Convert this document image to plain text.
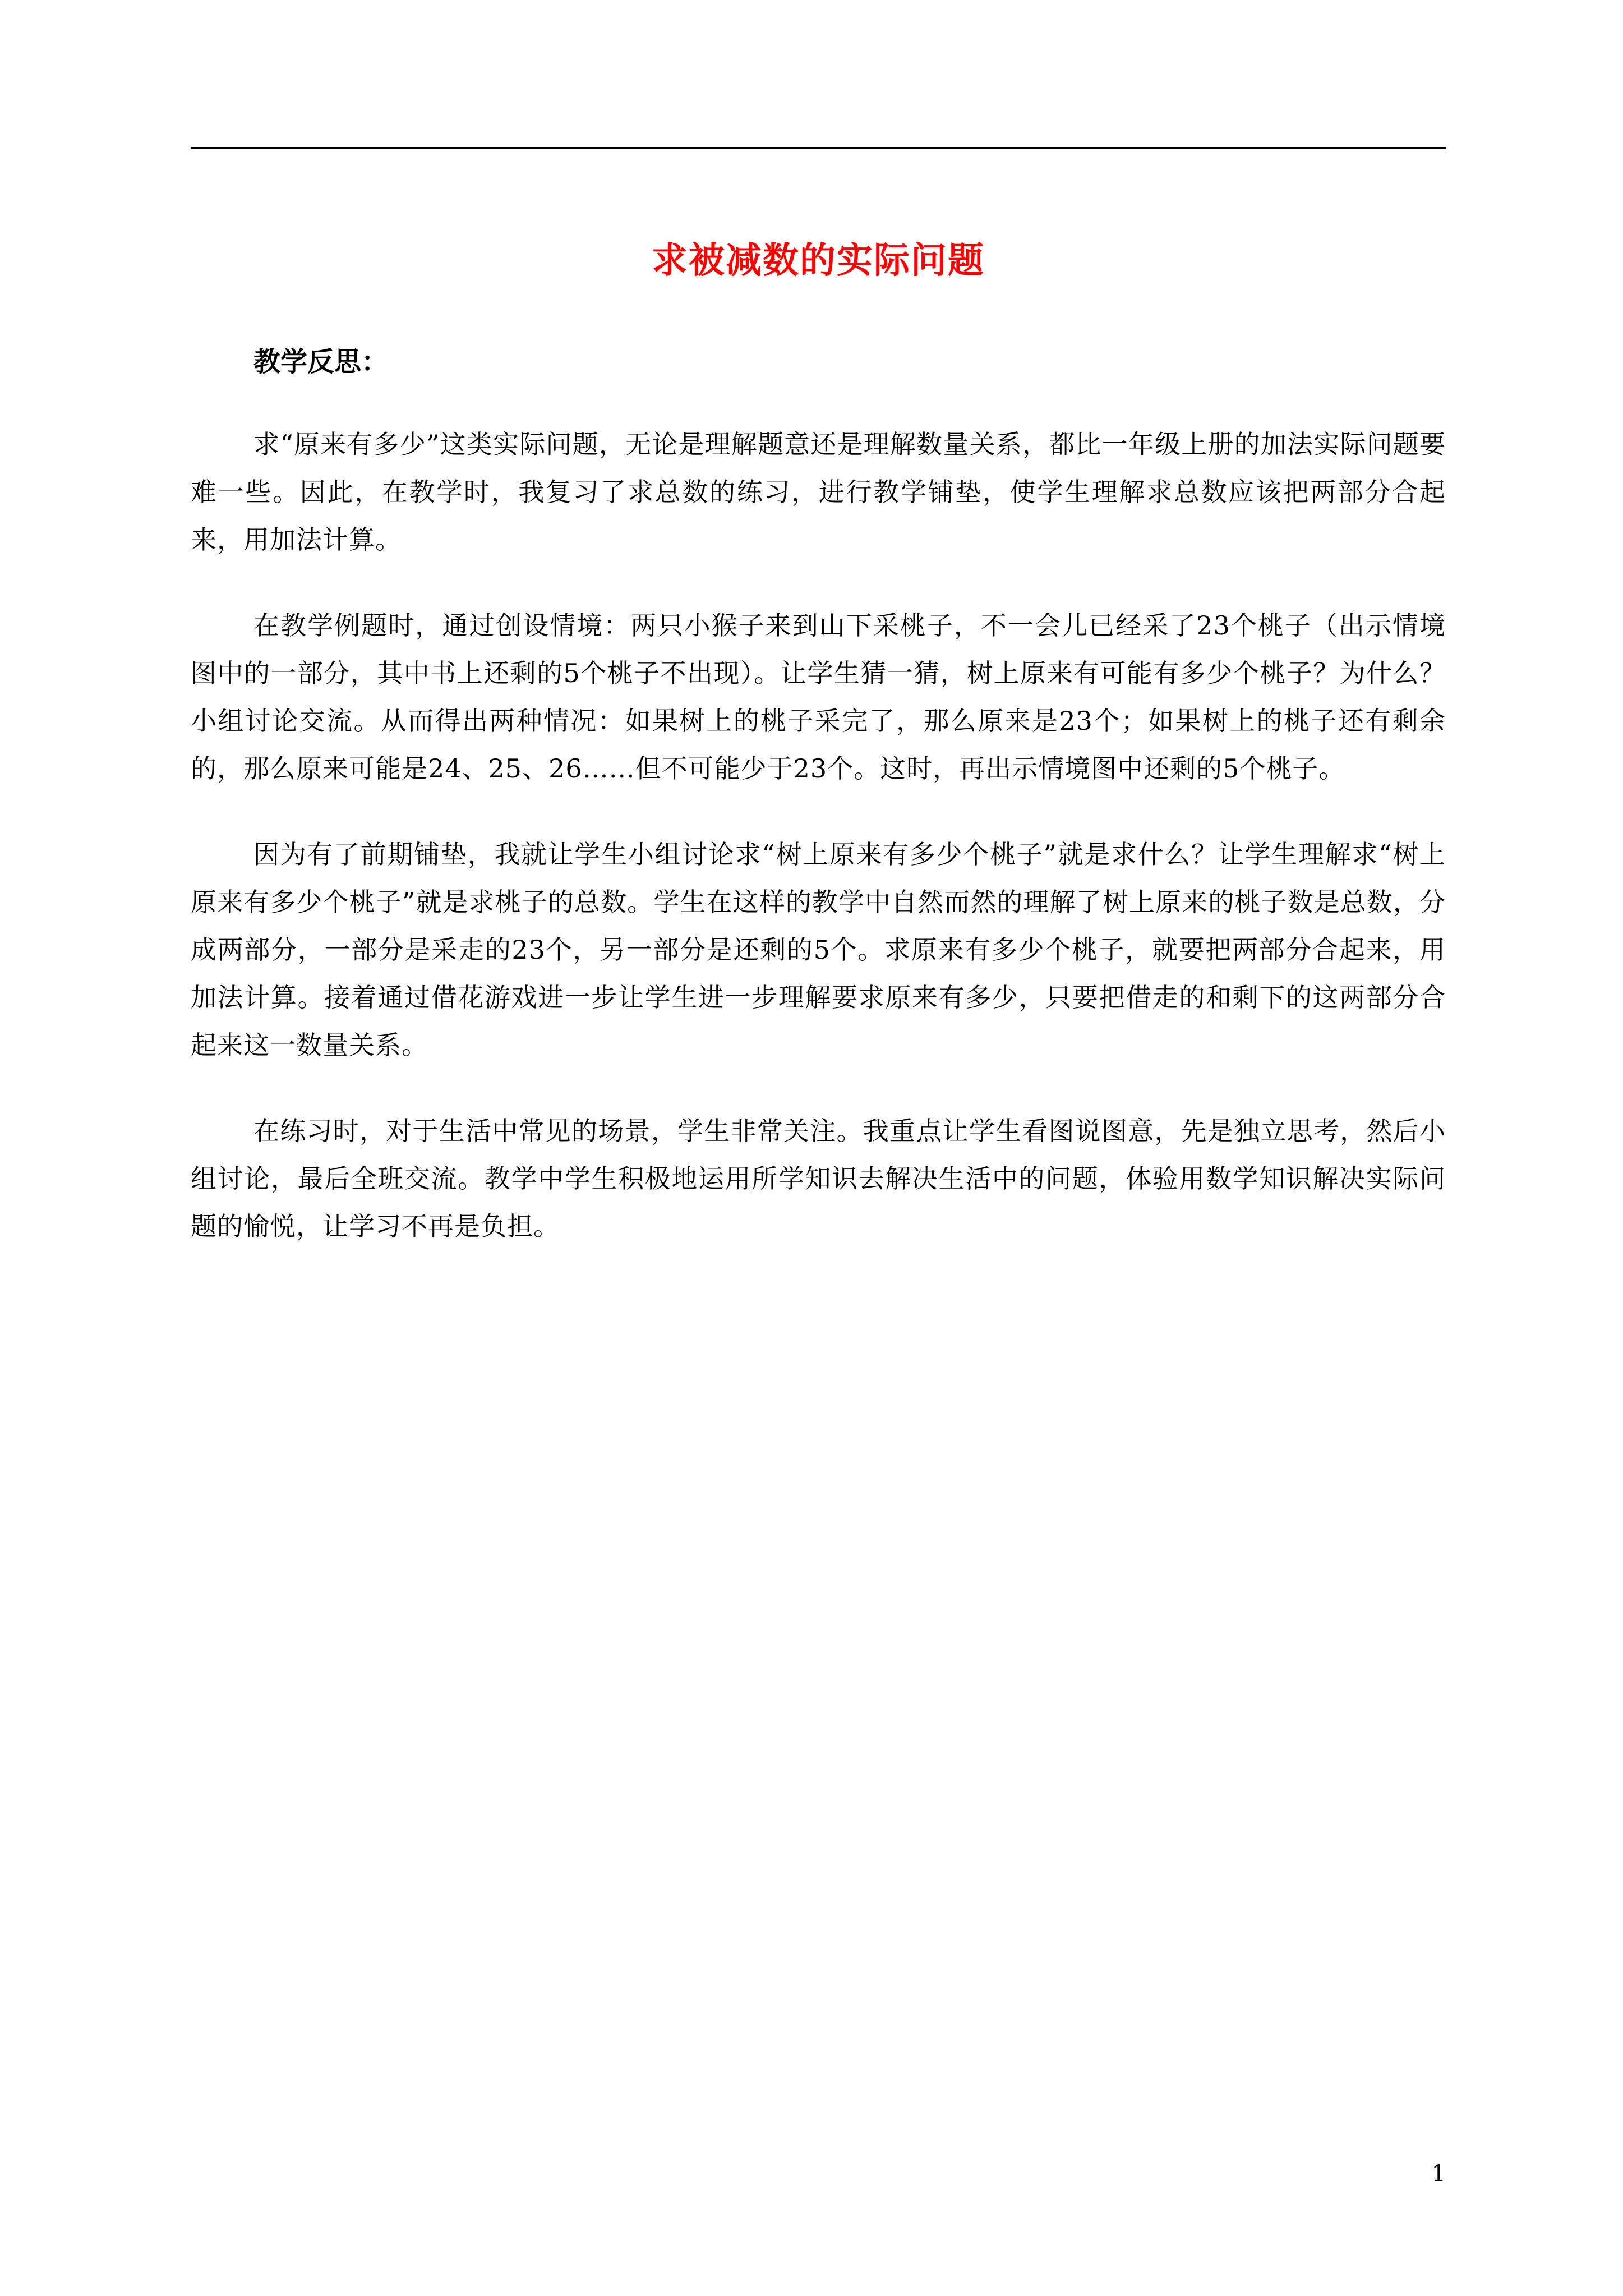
求被减数的实际问题
教学反思：

求“原来有多少”这类实际问题，无论是理解题意还是理解数量关系，都比一年级上册的加法实际问题要难一些。因此，在教学时，我复习了求总数的练习，进行教学铺垫，使学生理解求总数应该把两部分合起来，用加法计算。

在教学例题时，通过创设情境：两只小猴子来到山下采桃子，不一会儿已经采了23个桃子（出示情境图中的一部分，其中书上还剩的5个桃子不出现）。让学生猜一猜，树上原来有可能有多少个桃子？为什么？小组讨论交流。从而得出两种情况：如果树上的桃子采完了，那么原来是23个；如果树上的桃子还有剩余的，那么原来可能是24、25、26……但不可能少于23个。这时，再出示情境图中还剩的5个桃子。

因为有了前期铺垫，我就让学生小组讨论求“树上原来有多少个桃子”就是求什么？让学生理解求“树上原来有多少个桃子”就是求桃子的总数。学生在这样的教学中自然而然的理解了树上原来的桃子数是总数，分成两部分，一部分是采走的23个，另一部分是还剩的5个。求原来有多少个桃子，就要把两部分合起来，用加法计算。接着通过借花游戏进一步让学生进一步理解要求原来有多少，只要把借走的和剩下的这两部分合起来这一数量关系。

在练习时，对于生活中常见的场景，学生非常关注。我重点让学生看图说图意，先是独立思考，然后小组讨论，最后全班交流。教学中学生积极地运用所学知识去解决生活中的问题，体验用数学知识解决实际问题的愉悦，让学习不再是负担。

1
